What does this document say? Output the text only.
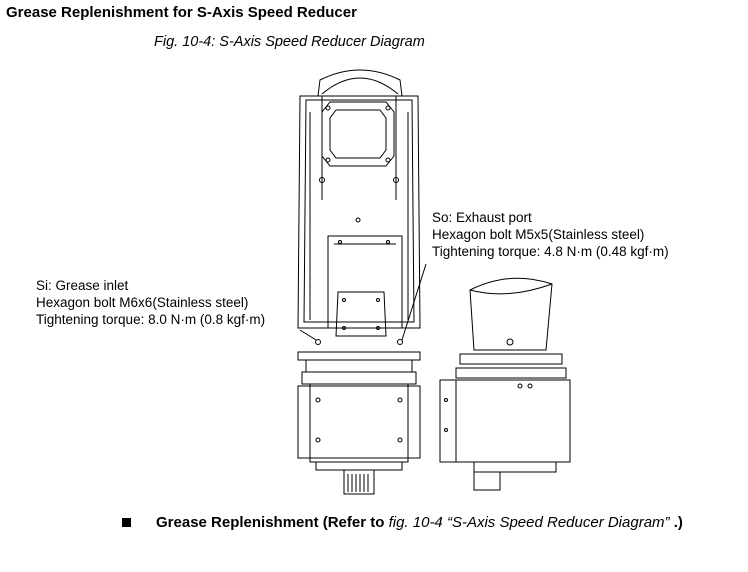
Grease Replenishment for S-Axis Speed Reducer
Fig. 10-4: S-Axis Speed Reducer Diagram
So: Exhaust port
Hexagon bolt M5x5(Stainless steel)
Tightening torque: 4.8 N·m (0.48 kgf·m)
Si: Grease inlet
Hexagon bolt M6x6(Stainless steel)
Tightening torque: 8.0 N·m (0.8 kgf·m)
Grease Replenishment (Refer to fig. 10-4 “S-Axis Speed Reducer Diagram” .)
